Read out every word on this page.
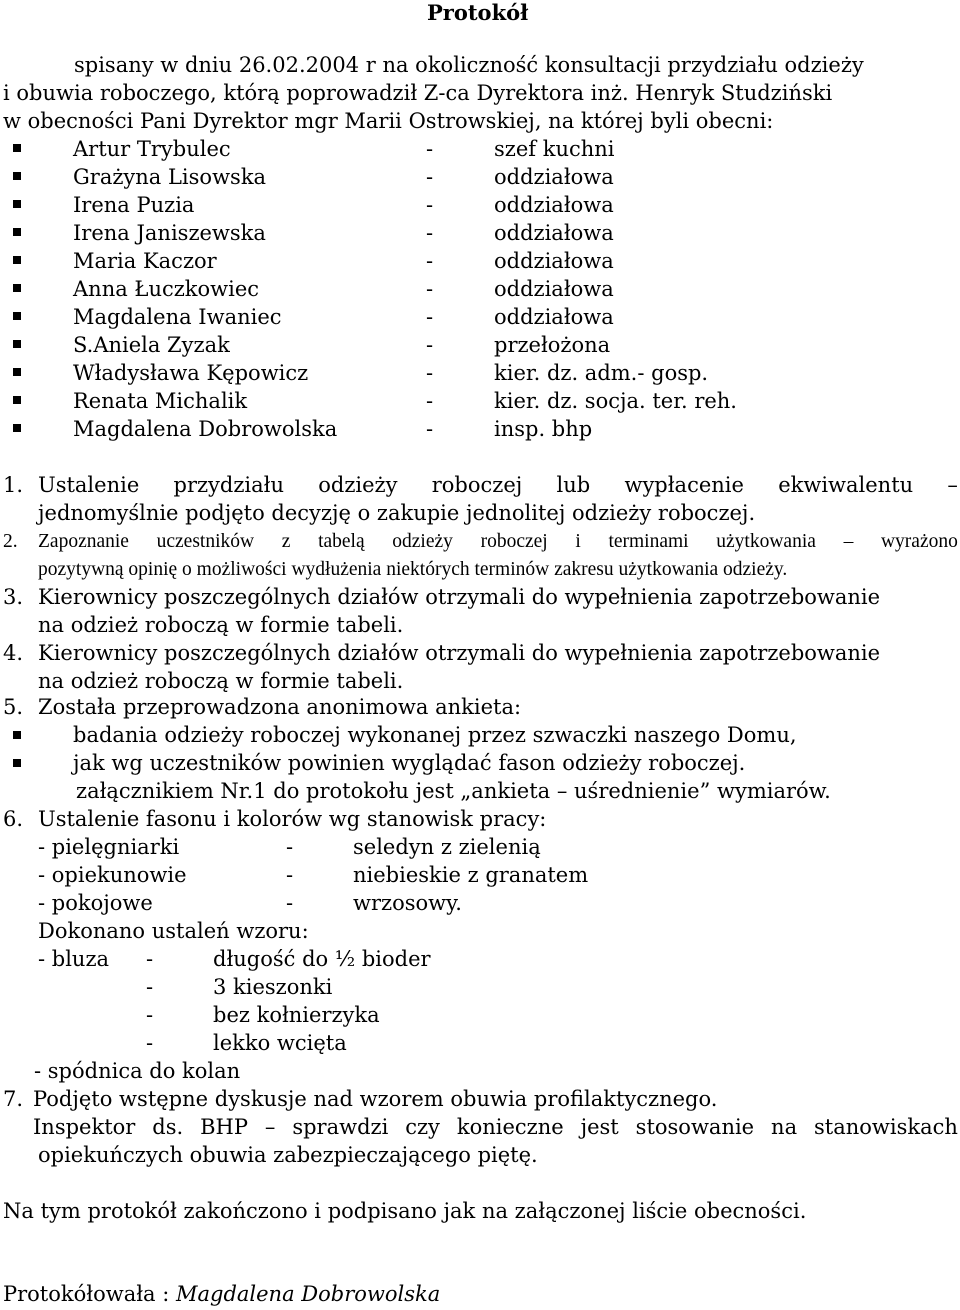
Protokół
spisany w dniu 26.02.2004 r na okoliczność konsultacji przydziału odzieży
i obuwia roboczego, którą poprowadził Z-ca Dyrektora inż. Henryk Studziński
w obecności Pani Dyrektor mgr Marii Ostrowskiej, na której byli obecni:
Artur Trybulec	-	szef kuchni
Grażyna Lisowska	-	oddziałowa
Irena Puzia	-	oddziałowa
Irena Janiszewska	-	oddziałowa
Maria Kaczor	-	oddziałowa
Anna Łuczkowiec	-	oddziałowa
Magdalena Iwaniec	-	oddziałowa
S.Aniela Zyzak	-	przełożona
Władysława Kępowicz	-	kier. dz. adm.- gosp.
Renata Michalik	-	kier. dz. socja. ter. reh.
Magdalena Dobrowolska	-	insp. bhp
1. Ustalenie przydziału odzieży roboczej lub wypłacenie ekwiwalentu –
jednomyślnie podjęto decyzję o zakupie jednolitej odzieży roboczej.
2. Zapoznanie uczestników z tabelą odzieży roboczej i terminami użytkowania – wyrażono
pozytywną opinię o możliwości wydłużenia niektórych terminów zakresu użytkowania odzieży.
3. Kierownicy poszczególnych działów otrzymali do wypełnienia zapotrzebowanie
na odzież roboczą w formie tabeli.
4. Kierownicy poszczególnych działów otrzymali do wypełnienia zapotrzebowanie
na odzież roboczą w formie tabeli.
5. Została przeprowadzona anonimowa ankieta:
badania odzieży roboczej wykonanej przez szwaczki naszego Domu,
jak wg uczestników powinien wyglądać fason odzieży roboczej.
załącznikiem Nr.1 do protokołu jest „ankieta – uśrednienie” wymiarów.
6. Ustalenie fasonu i kolorów wg stanowisk pracy:
- pielęgniarki	-	seledyn z zielenią
- opiekunowie	-	niebieskie z granatem
- pokojowe	-	wrzosowy.
Dokonano ustaleń wzoru:
- bluza -	długość do ½ bioder
-	3 kieszonki
-	bez kołnierzyka
-	lekko wcięta
- spódnica do kolan
7. Podjęto wstępne dyskusje nad wzorem obuwia profilaktycznego.
Inspektor ds. BHP – sprawdzi czy konieczne jest stosowanie na stanowiskach
opiekuńczych obuwia zabezpieczającego piętę.
Na tym protokół zakończono i podpisano jak na załączonej liście obecności.
Protokółowała : Magdalena Dobrowolska
